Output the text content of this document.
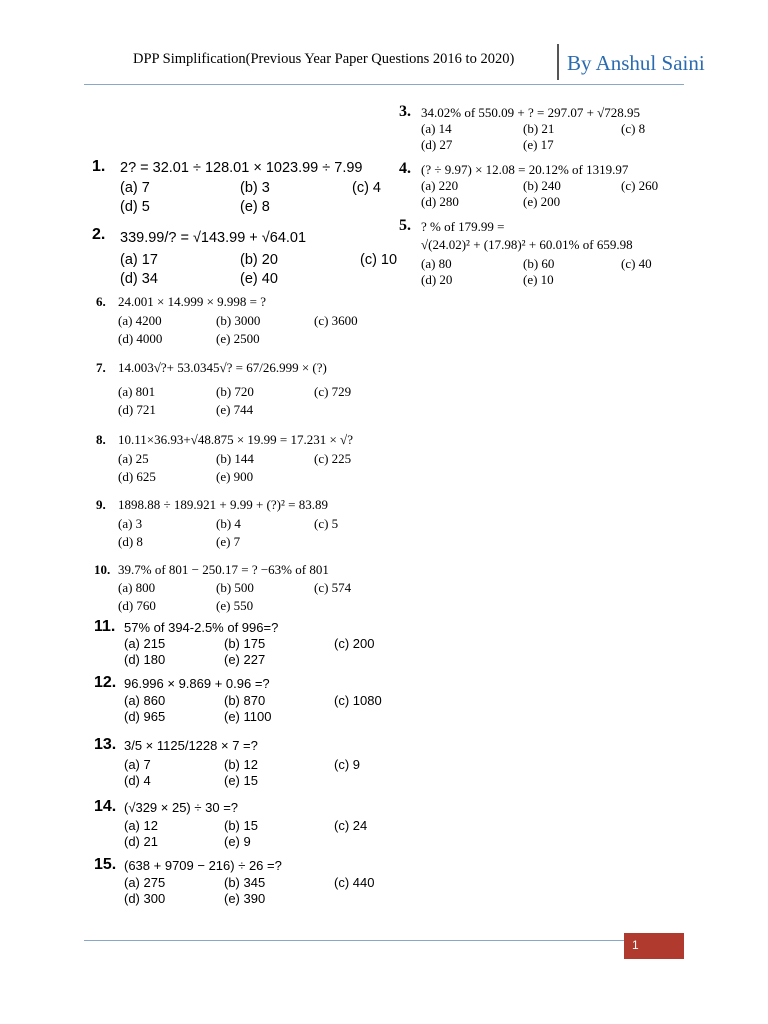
DPP Simplification(Previous Year Paper Questions 2016 to 2020)	By Anshul Saini
1. 2? = 32.01 ÷ 128.01 × 1023.99 ÷ 7.99
(a) 7	(b) 3	(c) 4
(d) 5	(e) 8
2. 339.99/? = √143.99 + √64.01
(a) 17	(b) 20	(c) 10
(d) 34	(e) 40
3. 34.02% of 550.09 + ? = 297.07 + √728.95
(a) 14	(b) 21	(c) 8
(d) 27	(e) 17
4. (? ÷ 9.97) × 12.08 = 20.12% of 1319.97
(a) 220	(b) 240	(c) 260
(d) 280	(e) 200
5. ? % of 179.99 =
√(24.02)² + (17.98)² + 60.01% of 659.98
(a) 80	(b) 60	(c) 40
(d) 20	(e) 10
6. 24.001 × 14.999 × 9.998 = ?
(a) 4200	(b) 3000	(c) 3600
(d) 4000	(e) 2500
7. 14.003√?+ 53.0345√? = 67/26.999 × (?)
(a) 801	(b) 720	(c) 729
(d) 721	(e) 744
8. 10.11×36.93+√48.875 × 19.99 = 17.231 × √?
(a) 25	(b) 144	(c) 225
(d) 625	(e) 900
9. 1898.88 ÷ 189.921 + 9.99 + (?)² = 83.89
(a) 3	(b) 4	(c) 5
(d) 8	(e) 7
10. 39.7% of 801 − 250.17 = ? −63% of 801
(a) 800	(b) 500	(c) 574
(d) 760	(e) 550
11. 57% of 394-2.5% of 996=?
(a) 215	(b) 175	(c) 200
(d) 180	(e) 227
12. 96.996 × 9.869 + 0.96 =?
(a) 860	(b) 870	(c) 1080
(d) 965	(e) 1100
13. 3/5 × 1125/1228 × 7 =?
(a) 7	(b) 12	(c) 9
(d) 4	(e) 15
14. (√329 × 25) ÷ 30 =?
(a) 12	(b) 15	(c) 24
(d) 21	(e) 9
15. (638 + 9709 − 216) ÷ 26 =?
(a) 275	(b) 345	(c) 440
(d) 300	(e) 390
1
